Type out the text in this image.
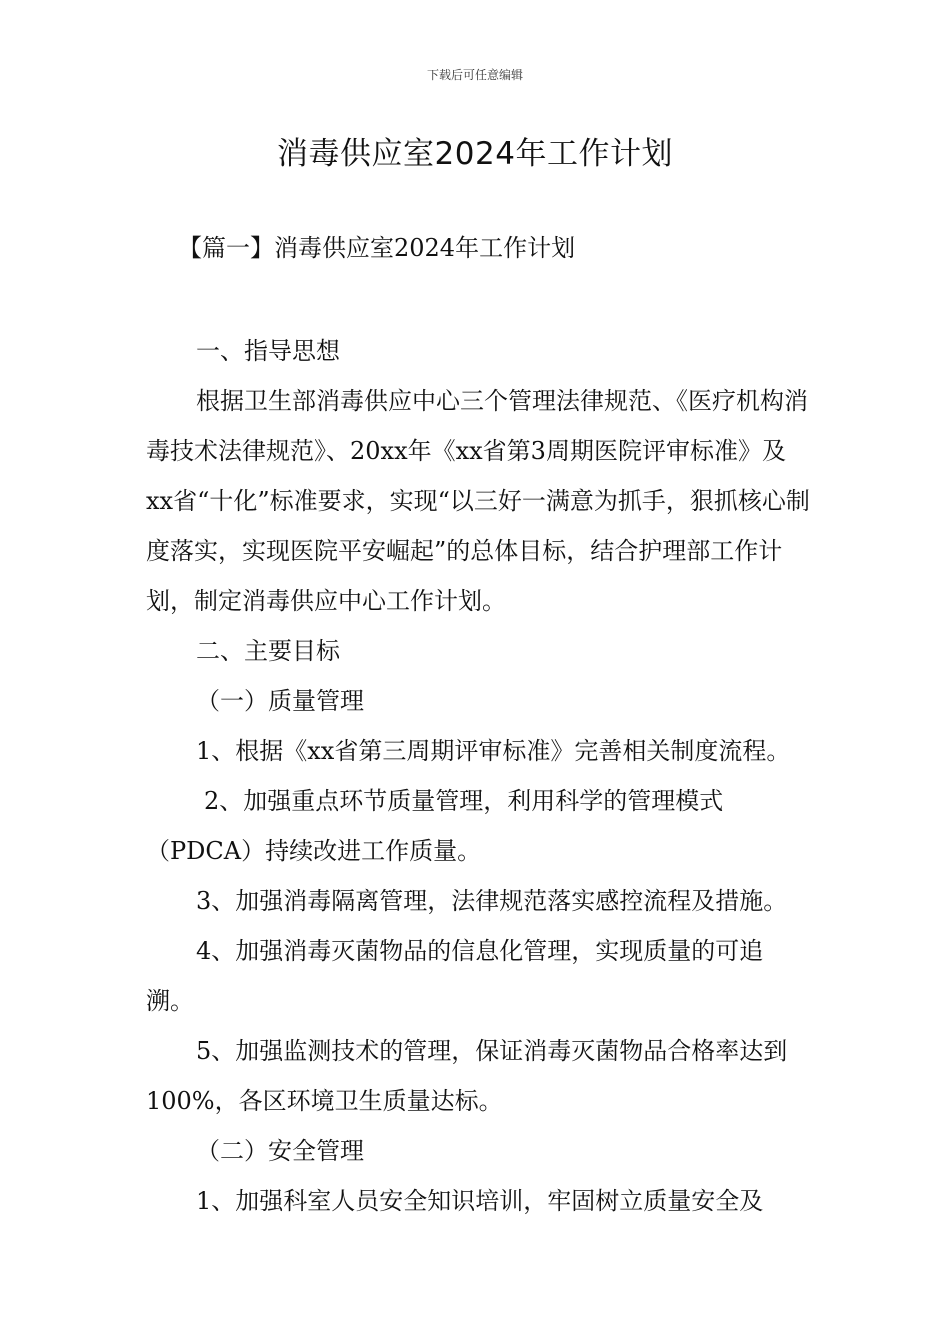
下载后可任意编辑
消毒供应室2024年工作计划
【篇一】消毒供应室2024年工作计划

一、指导思想

根据卫生部消毒供应中心三个管理法律规范、《医疗机构消毒技术法律规范》、20xx年《xx省第3周期医院评审标准》及xx省“十化”标准要求，实现“以三好一满意为抓手，狠抓核心制度落实，实现医院平安崛起”的总体目标，结合护理部工作计划，制定消毒供应中心工作计划。

二、主要目标

（一）质量管理

1、根据《xx省第三周期评审标准》完善相关制度流程。

2、加强重点环节质量管理，利用科学的管理模式（PDCA）持续改进工作质量。

3、加强消毒隔离管理，法律规范落实感控流程及措施。

4、加强消毒灭菌物品的信息化管理，实现质量的可追溯。

5、加强监测技术的管理，保证消毒灭菌物品合格率达到100%，各区环境卫生质量达标。

（二）安全管理

1、加强科室人员安全知识培训，牢固树立质量安全及
